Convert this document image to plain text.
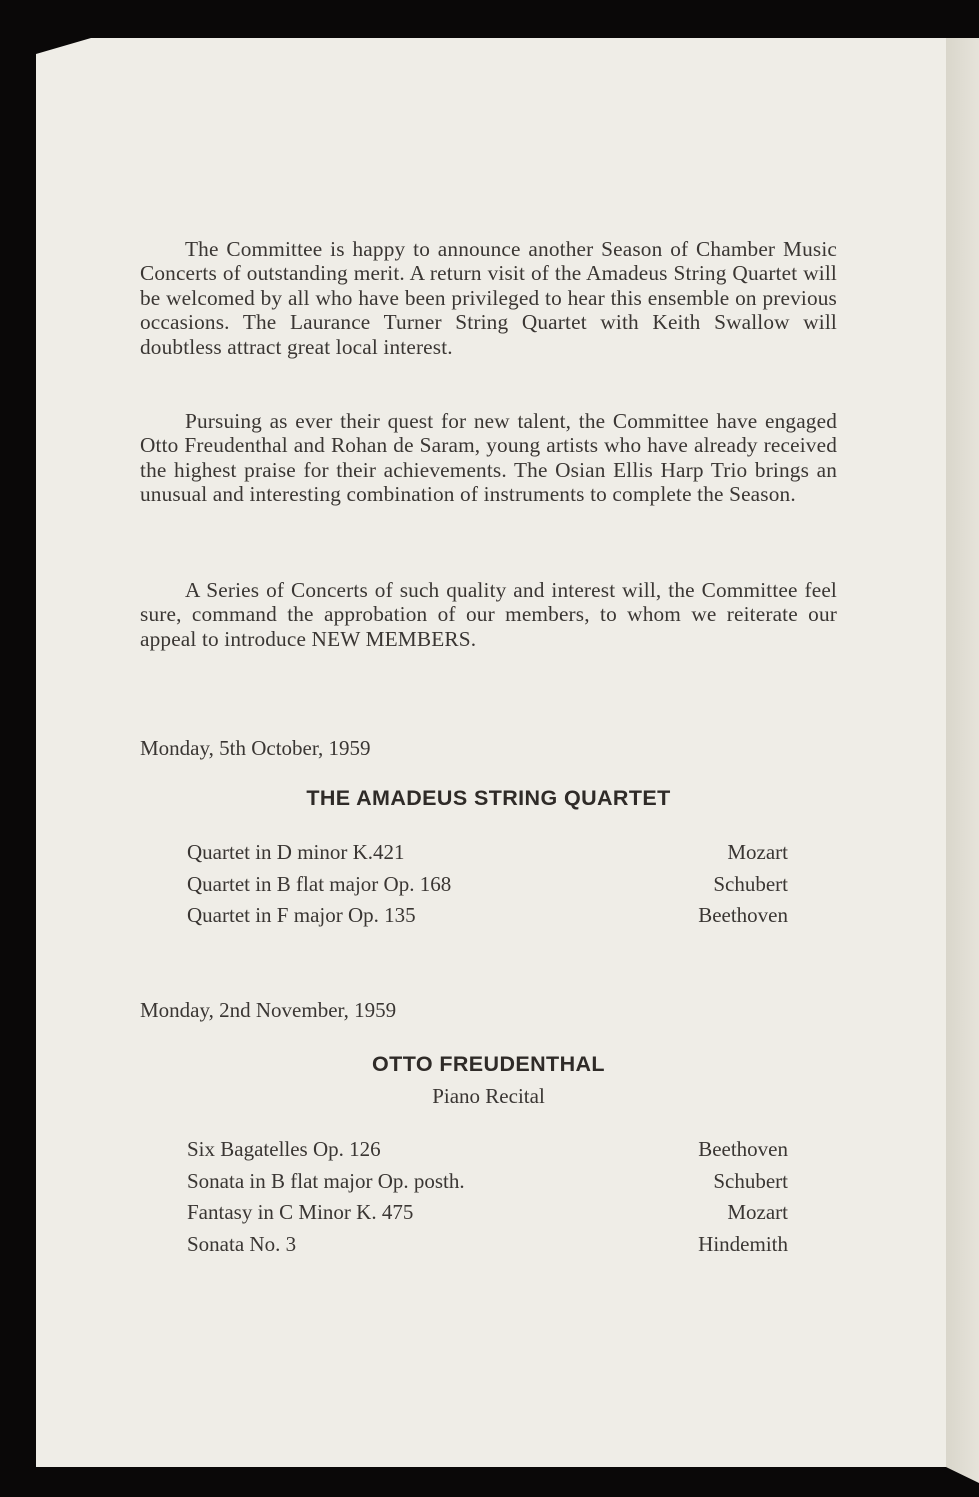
The Committee is happy to announce another Season of Chamber Music Concerts of outstanding merit. A return visit of the Amadeus String Quartet will be welcomed by all who have been privileged to hear this ensemble on previous occasions. The Laurance Turner String Quartet with Keith Swallow will doubtless attract great local interest.

Pursuing as ever their quest for new talent, the Committee have engaged Otto Freudenthal and Rohan de Saram, young artists who have already received the highest praise for their achievements. The Osian Ellis Harp Trio brings an unusual and interesting combination of instruments to complete the Season.

A Series of Concerts of such quality and interest will, the Committee feel sure, command the approbation of our members, to whom we reiterate our appeal to introduce NEW MEMBERS.

Monday, 5th October, 1959
THE AMADEUS STRING QUARTET
Quartet in D minor K.421	Mozart
Quartet in B flat major Op. 168	Schubert
Quartet in F major Op. 135	Beethoven
Monday, 2nd November, 1959
OTTO FREUDENTHAL
Piano Recital
Six Bagatelles Op. 126	Beethoven
Sonata in B flat major Op. posth.	Schubert
Fantasy in C Minor K. 475	Mozart
Sonata No. 3	Hindemith
